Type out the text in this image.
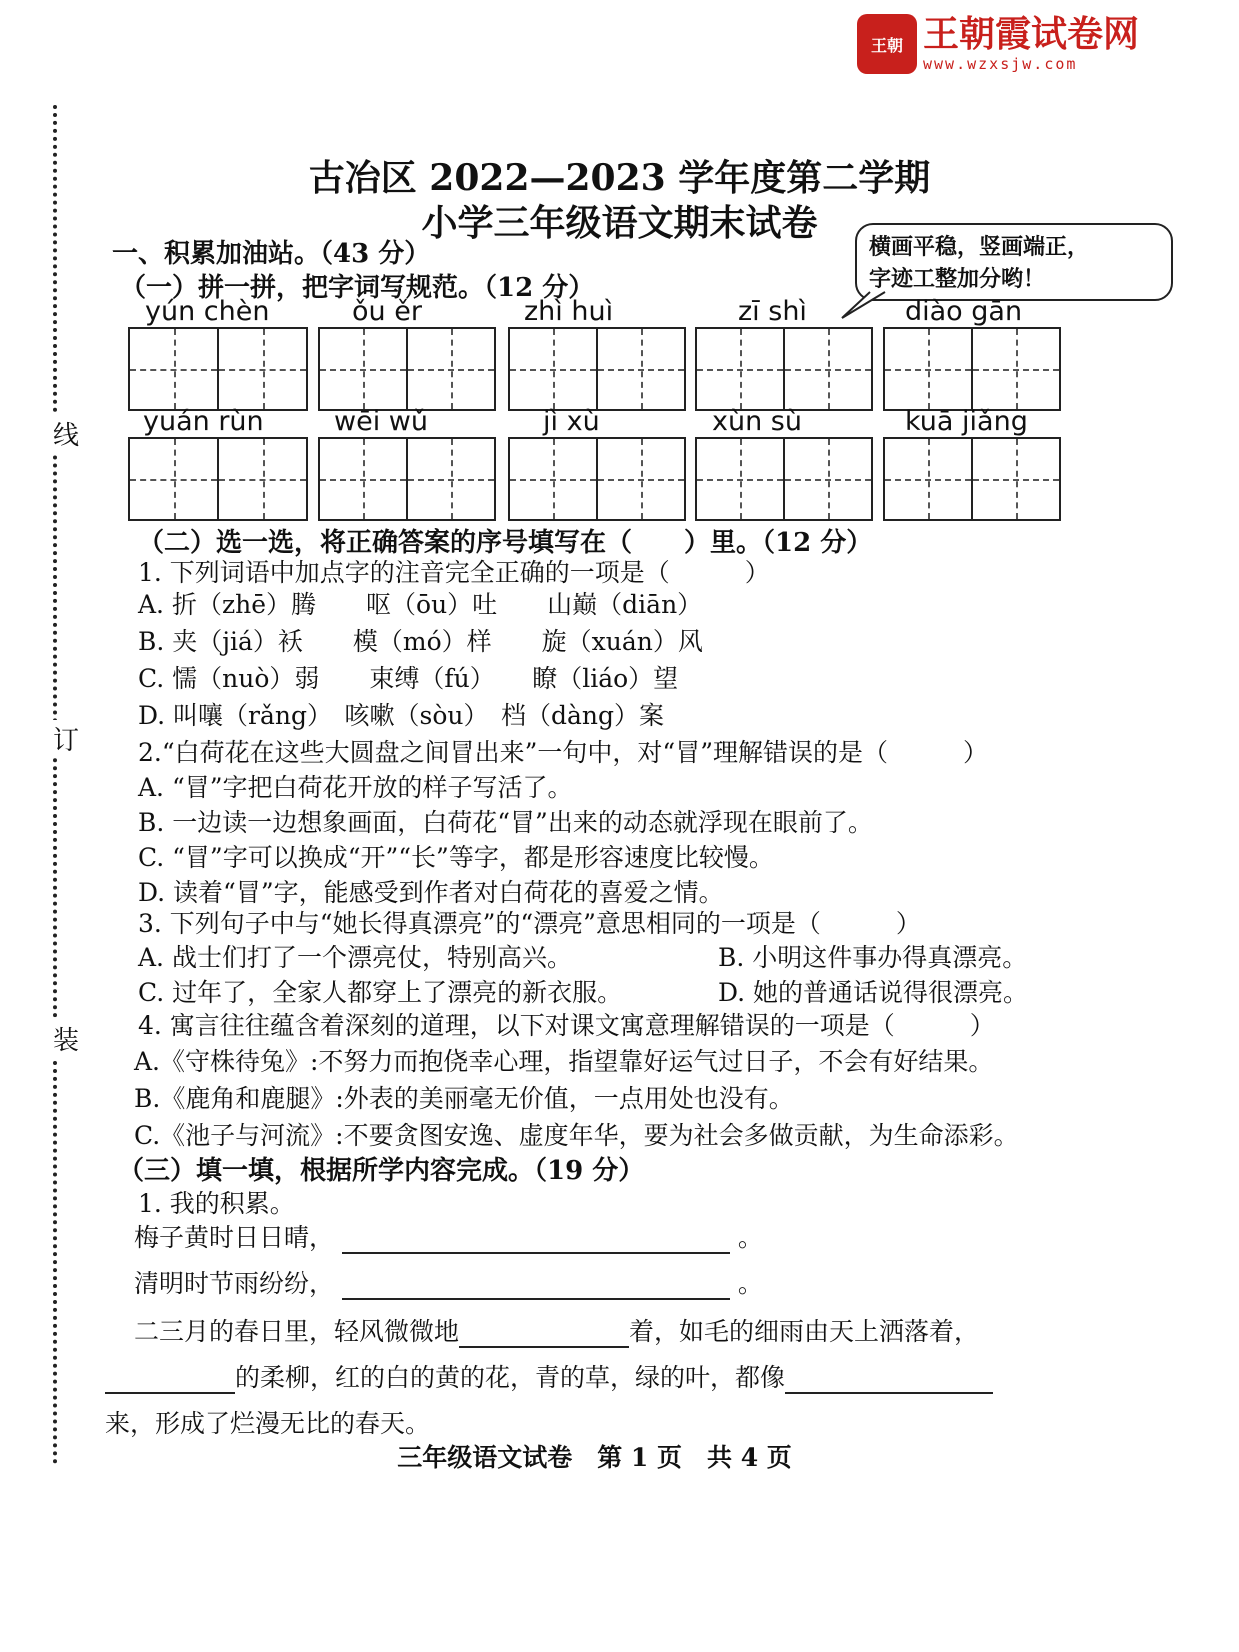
王朝 王朝霞试卷网
www.wzxsjw.com
线
订
装
古冶区 2022—2023 学年度第二学期
小学三年级语文期末试卷
横画平稳，竖画端正，
字迹工整加分哟！
一、积累加油站。（43 分）
（一）拼一拼，把字词写规范。（12 分）
yún chèn	ǒu ěr	zhì huì	zī shì	diào gān
yuán rùn	wēi wǔ	jì xù	xùn sù	kuā jiǎng
（二）选一选，将正确答案的序号填写在（　　）里。（12 分）
1. 下列词语中加点字的注音完全正确的一项是（　　　）
A. 折（zhē）腾　　呕（ōu）吐　　山巅（diān）
B. 夹（jiá）袄　　模（mó）样　　旋（xuán）风
C. 懦（nuò）弱　　束缚（fú）　　瞭（liáo）望
D. 叫嚷（rǎng）　咳嗽（sòu）　档（dàng）案
2.“白荷花在这些大圆盘之间冒出来”一句中，对“冒”理解错误的是（　　　）
A. “冒”字把白荷花开放的样子写活了。
B. 一边读一边想象画面，白荷花“冒”出来的动态就浮现在眼前了。
C. “冒”字可以换成“开”“长”等字，都是形容速度比较慢。
D. 读着“冒”字，能感受到作者对白荷花的喜爱之情。
3. 下列句子中与“她长得真漂亮”的“漂亮”意思相同的一项是（　　　）
A. 战士们打了一个漂亮仗，特别高兴。	B. 小明这件事办得真漂亮。
C. 过年了，全家人都穿上了漂亮的新衣服。	D. 她的普通话说得很漂亮。
4. 寓言往往蕴含着深刻的道理，以下对课文寓意理解错误的一项是（　　　）
A.《守株待兔》:不努力而抱侥幸心理，指望靠好运气过日子，不会有好结果。
B.《鹿角和鹿腿》:外表的美丽毫无价值，一点用处也没有。
C.《池子与河流》:不要贪图安逸、虚度年华，要为社会多做贡献，为生命添彩。
（三）填一填，根据所学内容完成。（19 分）
1. 我的积累。
梅子黄时日日晴，	。
清明时节雨纷纷，	。
二三月的春日里，轻风微微地	着，如毛的细雨由天上洒落着，
的柔柳，红的白的黄的花，青的草，绿的叶，都像
来，形成了烂漫无比的春天。
三年级语文试卷　第 1 页　共 4 页
